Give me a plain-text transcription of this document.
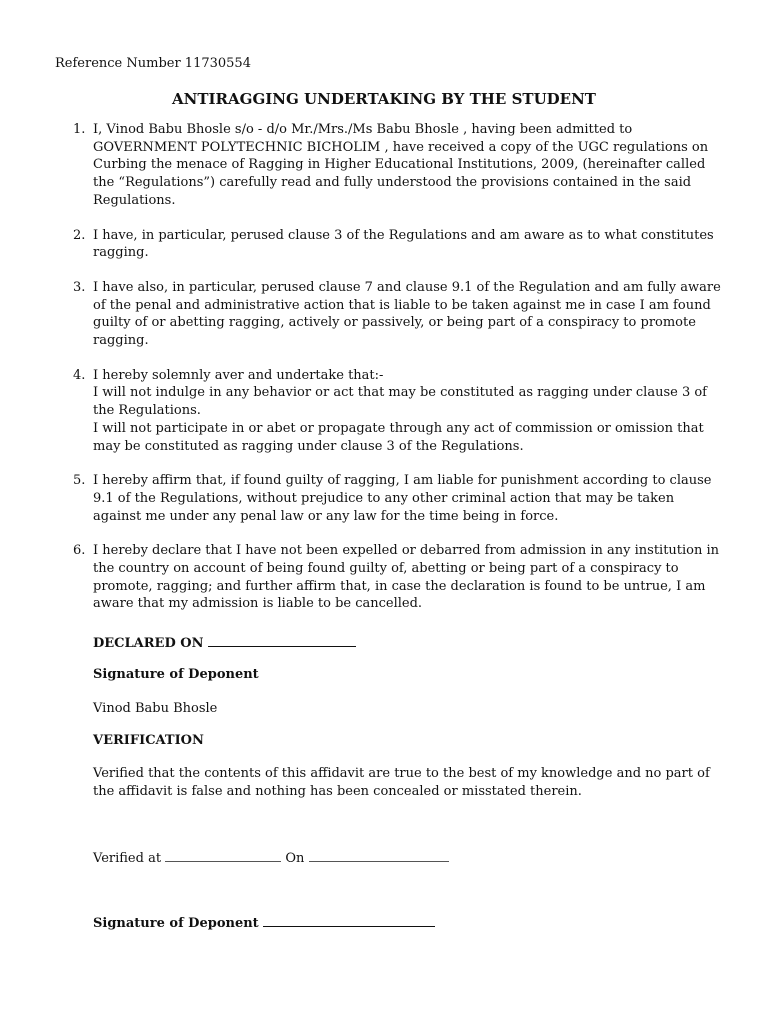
Reference Number 11730554
ANTIRAGGING UNDERTAKING BY THE STUDENT
1. I, Vinod Babu Bhosle s/o - d/o Mr./Mrs./Ms Babu Bhosle , having been admitted to GOVERNMENT POLYTECHNIC BICHOLIM , have received a copy of the UGC regulations on Curbing the menace of Ragging in Higher Educational Institutions, 2009, (hereinafter called the “Regulations”) carefully read and fully understood the provisions contained in the said Regulations.
2. I have, in particular, perused clause 3 of the Regulations and am aware as to what constitutes ragging.
3. I have also, in particular, perused clause 7 and clause 9.1 of the Regulation and am fully aware of the penal and administrative action that is liable to be taken against me in case I am found guilty of or abetting ragging, actively or passively, or being part of a conspiracy to promote ragging.
4. I hereby solemnly aver and undertake that:-
I will not indulge in any behavior or act that may be constituted as ragging under clause 3 of the Regulations.
I will not participate in or abet or propagate through any act of commission or omission that may be constituted as ragging under clause 3 of the Regulations.
5. I hereby affirm that, if found guilty of ragging, I am liable for punishment according to clause 9.1 of the Regulations, without prejudice to any other criminal action that may be taken against me under any penal law or any law for the time being in force.
6. I hereby declare that I have not been expelled or debarred from admission in any institution in the country on account of being found guilty of, abetting or being part of a conspiracy to promote, ragging; and further affirm that, in case the declaration is found to be untrue, I am aware that my admission is liable to be cancelled.
DECLARED ON
Signature of Deponent
Vinod Babu Bhosle
VERIFICATION
Verified that the contents of this affidavit are true to the best of my knowledge and no part of the affidavit is false and nothing has been concealed or misstated therein.
Verified at	On
Signature of Deponent
